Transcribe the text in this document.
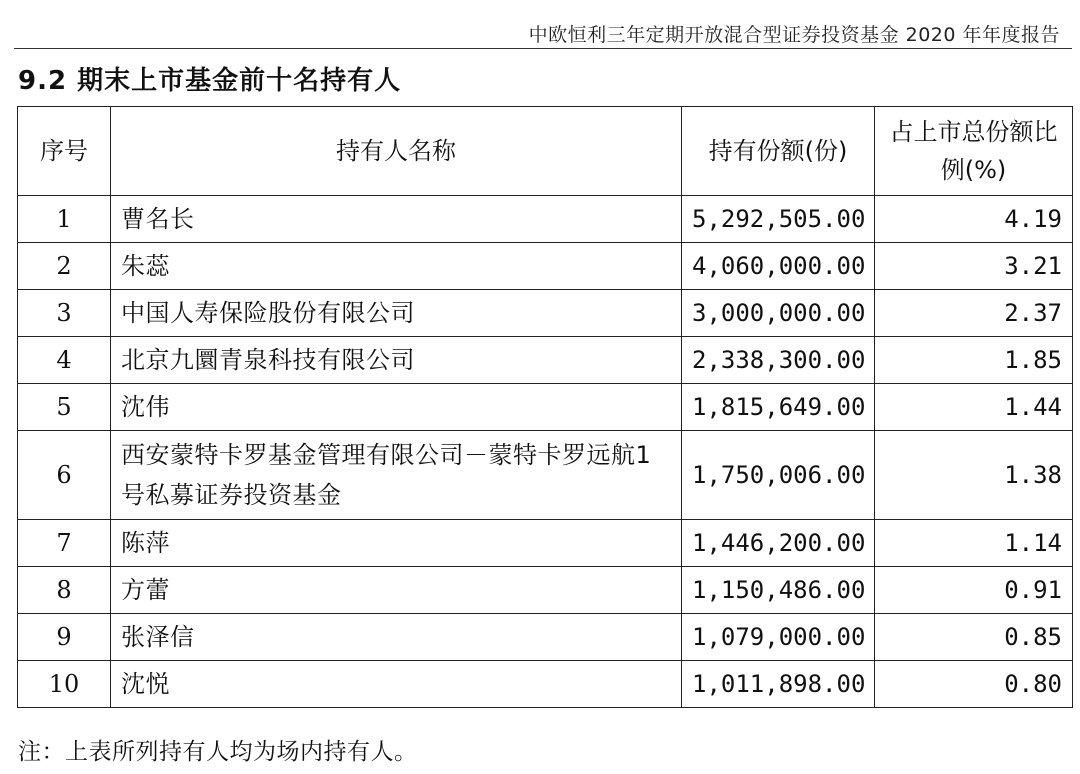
中欧恒利三年定期开放混合型证券投资基金 2020 年年度报告
9.2 期末上市基金前十名持有人
序号	持有人名称	持有份额(份)	占上市总份额比例(%)
1	曹名长	5,292,505.00	4.19
2	朱蕊	4,060,000.00	3.21
3	中国人寿保险股份有限公司	3,000,000.00	2.37
4	北京九圜青泉科技有限公司	2,338,300.00	1.85
5	沈伟	1,815,649.00	1.44
6	西安蒙特卡罗基金管理有限公司－蒙特卡罗远航1号私募证券投资基金	1,750,006.00	1.38
7	陈萍	1,446,200.00	1.14
8	方蕾	1,150,486.00	0.91
9	张泽信	1,079,000.00	0.85
10	沈悦	1,011,898.00	0.80
注：上表所列持有人均为场内持有人。
